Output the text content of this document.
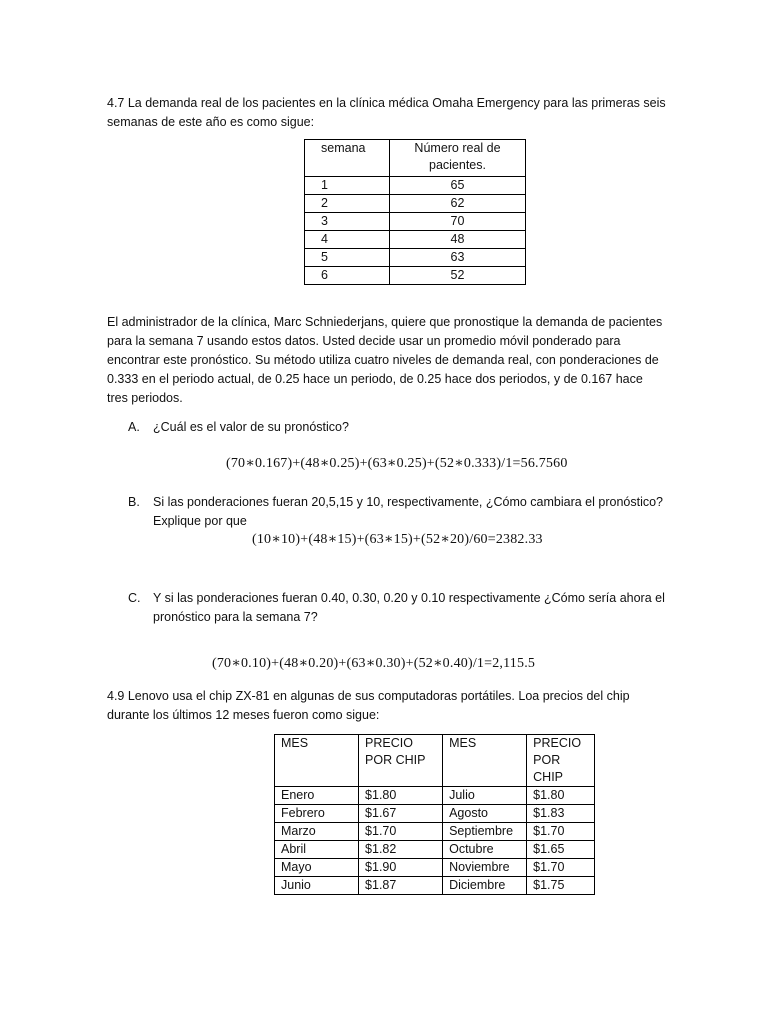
4.7 La demanda real de los pacientes en la clínica médica Omaha Emergency para las primeras seis semanas de este año es como sigue:

semana	Número real de pacientes.
1	65
2	62
3	70
4	48
5	63
6	52

El administrador de la clínica, Marc Schniederjans, quiere que pronostique la demanda de pacientes para la semana 7 usando estos datos. Usted decide usar un promedio móvil ponderado para encontrar este pronóstico. Su método utiliza cuatro niveles de demanda real, con ponderaciones de 0.333 en el periodo actual, de 0.25 hace un periodo, de 0.25 hace dos periodos, y de 0.167 hace tres periodos.

A. ¿Cuál es el valor de su pronóstico?
(70∗0.167)+(48∗0.25)+(63∗0.25)+(52∗0.333)/1=56.7560
B.	Si las ponderaciones fueran 20,5,15 y 10, respectivamente, ¿Cómo cambiara el pronóstico? Explique por que
(10∗10)+(48∗15)+(63∗15)+(52∗20)/60=2382.33
C.	Y si las ponderaciones fueran 0.40, 0.30, 0.20 y 0.10 respectivamente ¿Cómo sería ahora el pronóstico para la semana 7?
(70∗0.10)+(48∗0.20)+(63∗0.30)+(52∗0.40)/1=2,115.5

4.9 Lenovo usa el chip ZX-81 en algunas de sus computadoras portátiles. Loa precios del chip durante los últimos 12 meses fueron como sigue:

MES	PRECIO POR CHIP	MES	PRECIO POR CHIP
Enero	$1.80	Julio	$1.80
Febrero	$1.67	Agosto	$1.83
Marzo	$1.70	Septiembre	$1.70
Abril	$1.82	Octubre	$1.65
Mayo	$1.90	Noviembre	$1.70
Junio	$1.87	Diciembre	$1.75
